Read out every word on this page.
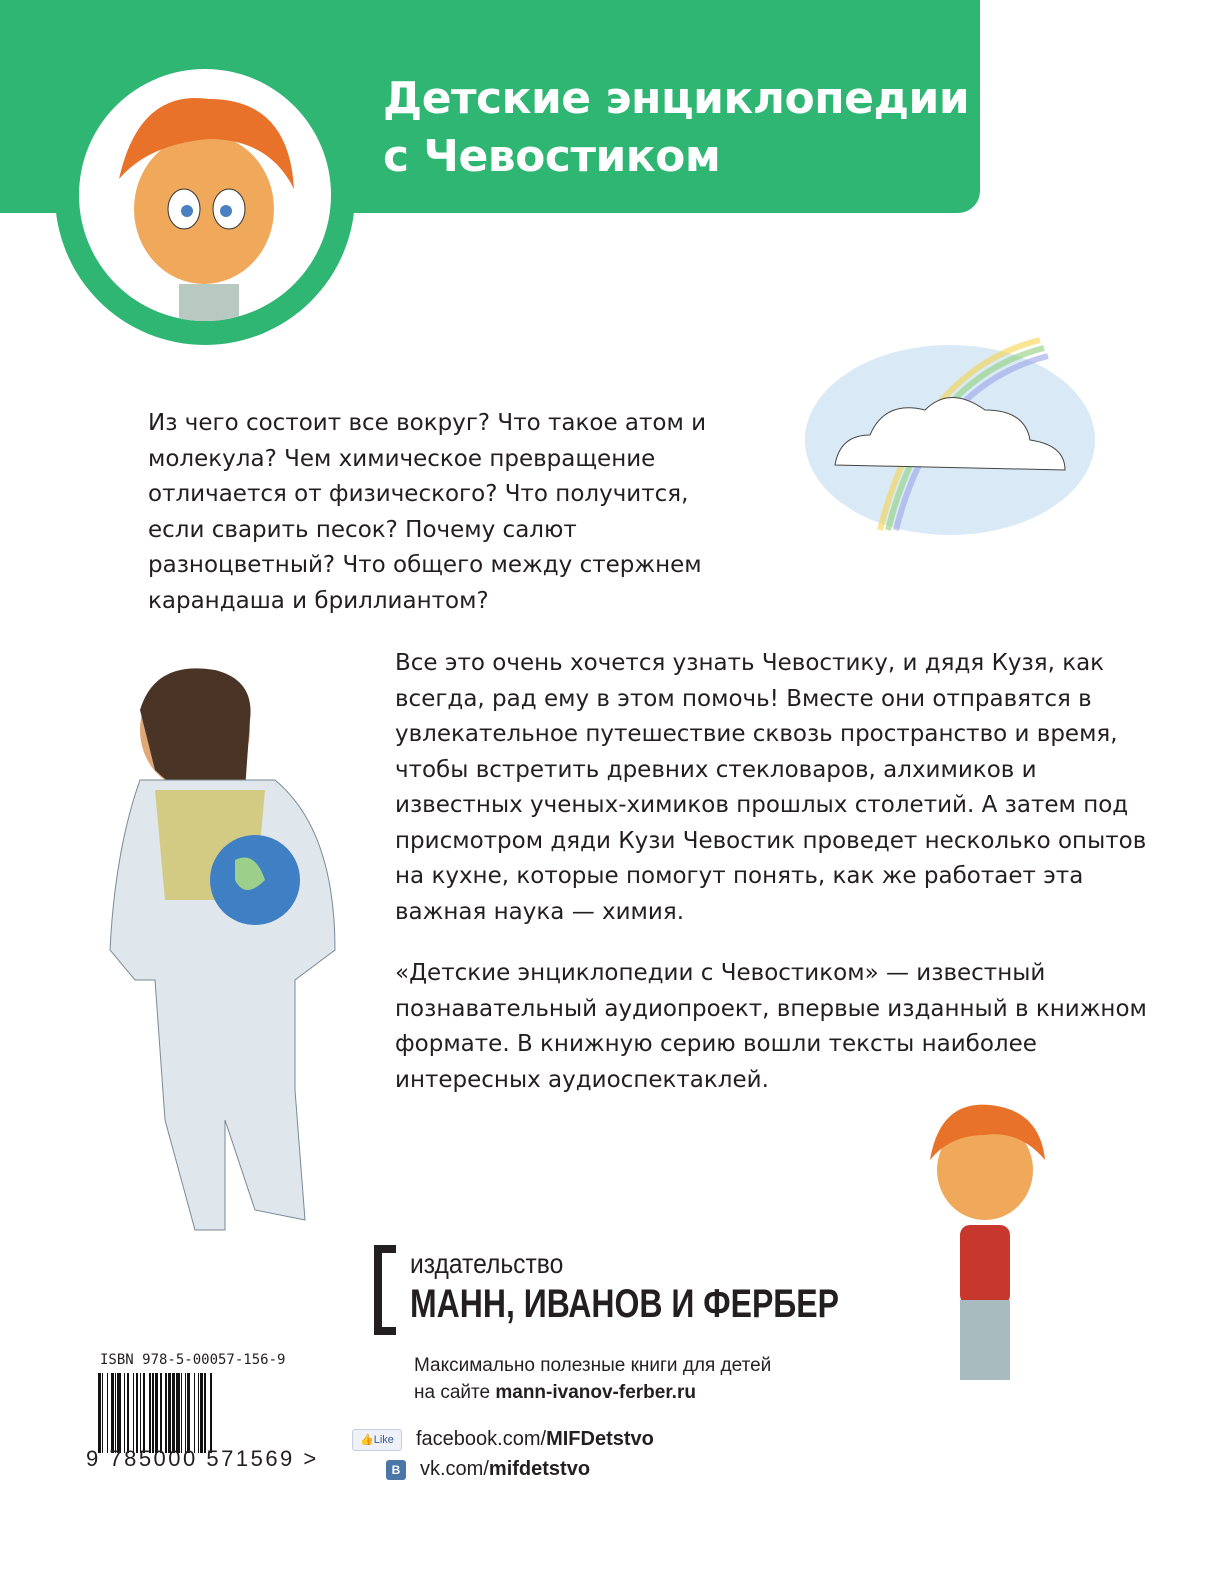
Детские энциклопедии
с Чевостиком
Из чего состоит все вокруг? Что такое атом и молекула? Чем химическое превращение отличается от физического? Что получится, если сварить песок? Почему салют разноцветный? Что общего между стержнем карандаша и бриллиантом?
Все это очень хочется узнать Чевостику, и дядя Кузя, как всегда, рад ему в этом помочь! Вместе они отправятся в увлекательное путешествие сквозь пространство и время, чтобы встретить древних стекловаров, алхимиков и известных ученых-химиков прошлых столетий. А затем под присмотром дяди Кузи Чевостик проведет несколько опытов на кухне, которые помогут понять, как же работает эта важная наука — химия.
«Детские энциклопедии с Чевостиком» — известный познавательный аудиопроект, впервые изданный в книжном формате. В книжную серию вошли тексты наиболее интересных аудиоспектаклей.
издательство
МАНН, ИВАНОВ И ФЕРБЕР
Максимально полезные книги для детей
на сайте mann-ivanov-ferber.ru
👍 Like facebook.com/ MIFDetstvo
B vk.com/ mifdetstvo
ISBN 978-5-00057-156-9
9 785000 571569 >
